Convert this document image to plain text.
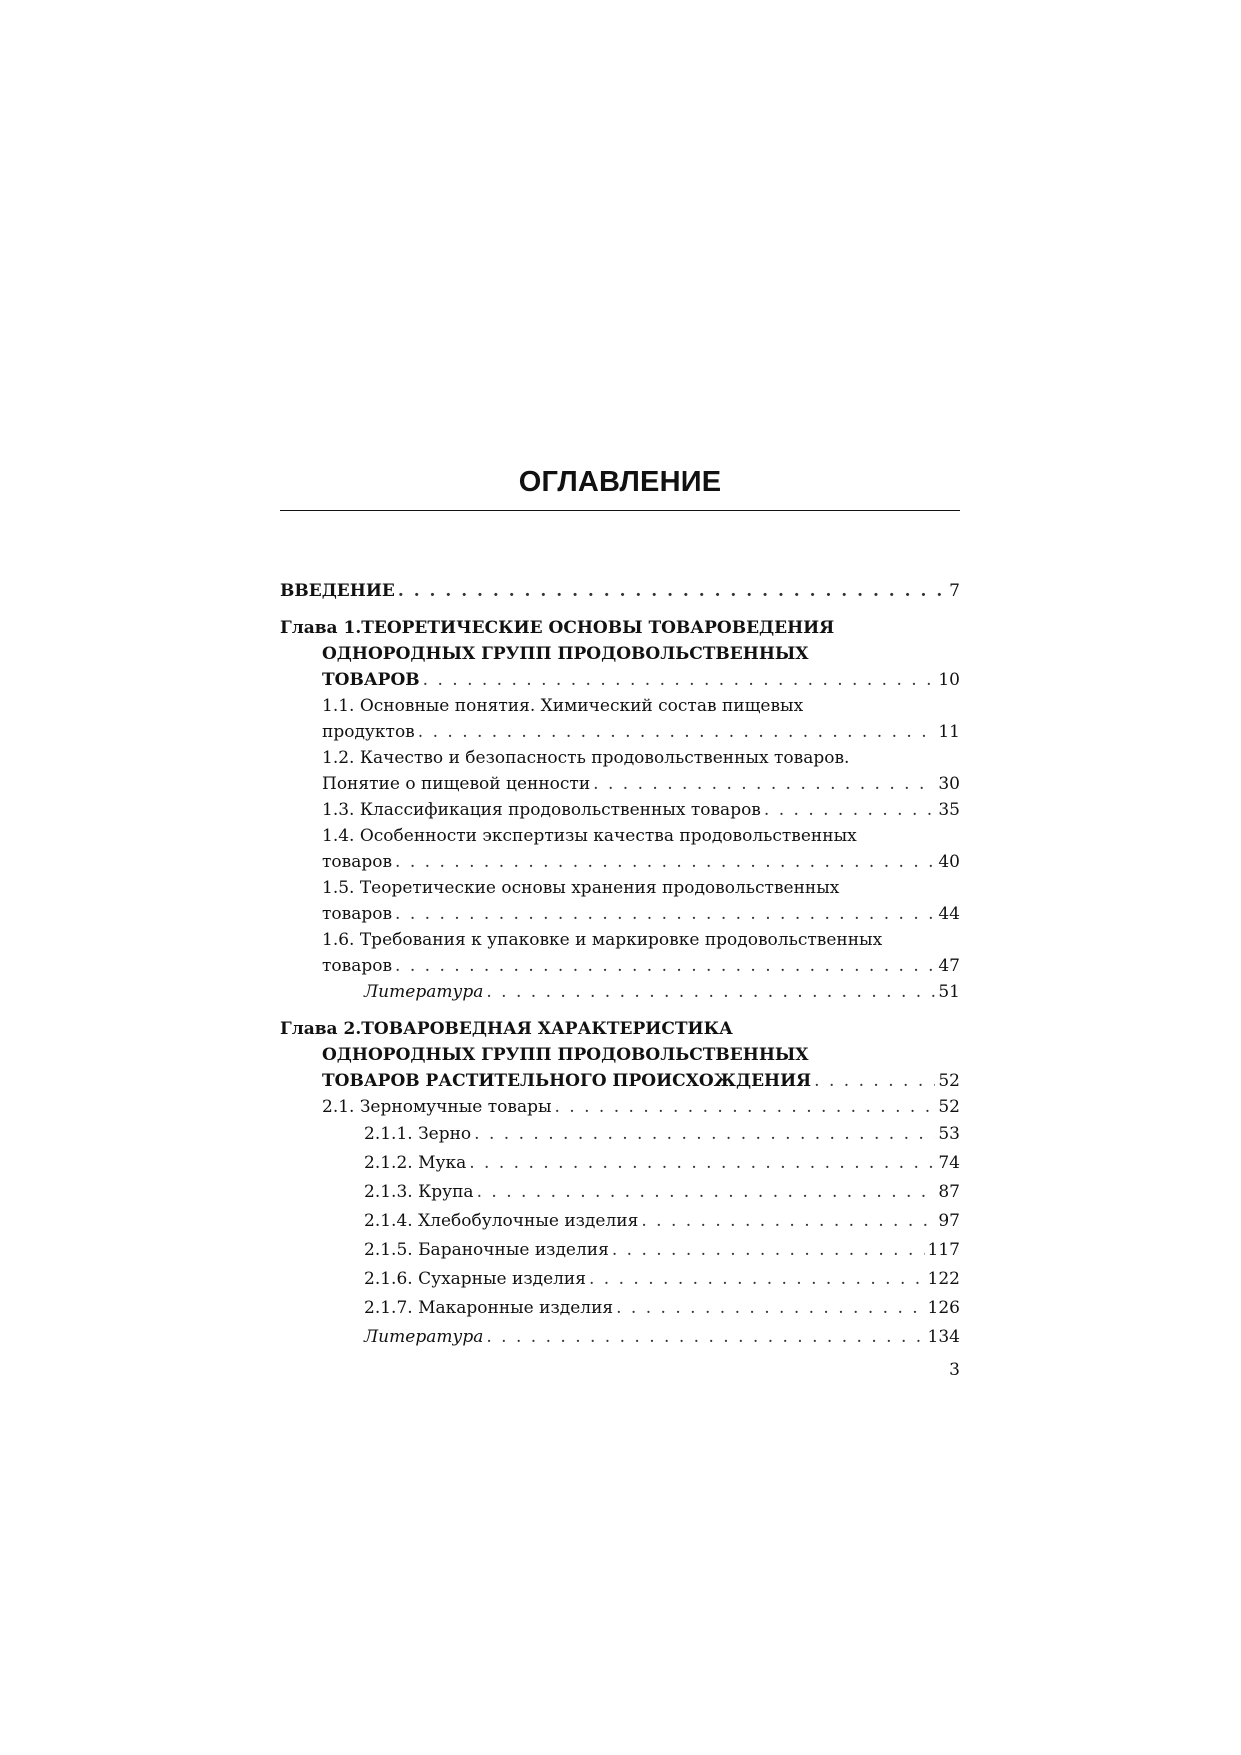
ОГЛАВЛЕНИЕ
ВВЕДЕНИЕ . . .	7
Глава 1. ТЕОРЕТИЧЕСКИЕ ОСНОВЫ ТОВАРОВЕДЕНИЯ
ОДНОРОДНЫХ ГРУПП ПРОДОВОЛЬСТВЕННЫХ
ТОВАРОВ . . .	10
1.1. Основные понятия. Химический состав пищевых
продуктов . . .	11
1.2. Качество и безопасность продовольственных товаров.
Понятие о пищевой ценности . . .	30
1.3. Классификация продовольственных товаров . . .	35
1.4. Особенности экспертизы качества продовольственных
товаров . . .	40
1.5. Теоретические основы хранения продовольственных
товаров . . .	44
1.6. Требования к упаковке и маркировке продовольственных
товаров . . .	47
Литература . . .	51
Глава 2. ТОВАРОВЕДНАЯ ХАРАКТЕРИСТИКА
ОДНОРОДНЫХ ГРУПП ПРОДОВОЛЬСТВЕННЫХ
ТОВАРОВ РАСТИТЕЛЬНОГО ПРОИСХОЖДЕНИЯ . . .	52
2.1. Зерномучные товары . . .	52
2.1.1. Зерно . . .	53
2.1.2. Мука . . .	74
2.1.3. Крупа . . .	87
2.1.4. Хлебобулочные изделия . . .	97
2.1.5. Бараночные изделия . . .	117
2.1.6. Сухарные изделия . . .	122
2.1.7. Макаронные изделия . . .	126
Литература . . .	134
3
